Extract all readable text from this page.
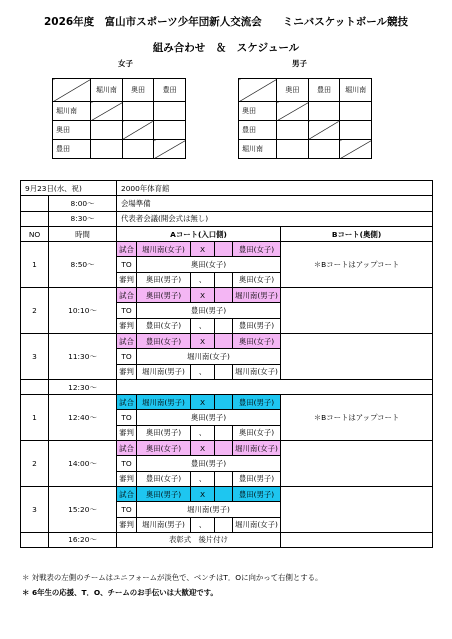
2026年度　富山市スポーツ少年団新人交流会　　ミニバスケットボール競技
組み合わせ　＆　スケジュール
女子	男子
	堀川南	奥田	豊田
堀川南			
奥田			
豊田			
	奥田	豊田	堀川南
奥田			
豊田			
堀川南			
9月23日(水、祝)		2000年体育館					
	8:00～	会場準備					
	8:30～	代表者会議(開会式は無し)					
NO	時間	Aコート(入口側)					Bコート(奥側)
1	8:50～	試合	堀川南(女子)	X		豊田(女子)	＊Bコートはアップコート
		TO	奥田(女子)				
		審判	奥田(男子)	、		奥田(女子)	
2	10:10～	試合	奥田(男子)	X		堀川南(男子)	
		TO	豊田(男子)				
		審判	豊田(女子)	、		豊田(男子)	
3	11:30～	試合	豊田(女子)	X		奥田(女子)	
		TO	堀川南(女子)				
		審判	堀川南(男子)	、		堀川南(女子)	
	12:30～						
1	12:40～	試合	堀川南(男子)	X		豊田(男子)	＊Bコートはアップコート
		TO	奥田(男子)				
		審判	奥田(男子)	、		奥田(女子)	
2	14:00～	試合	奥田(女子)	X		堀川南(女子)	
		TO	豊田(男子)				
		審判	豊田(女子)	、		豊田(男子)	
3	15:20～	試合	奥田(男子)	X		豊田(男子)	
		TO	堀川南(男子)				
		審判	堀川南(男子)	、		堀川南(女子)	
	16:20～	表彰式　後片付け					
＊ 対戦表の左側のチームはユニフォームが淡色で、ベンチはT．Oに向かって右側とする。
＊ 6年生の応援、T．O、チームのお手伝いは大歓迎です。
